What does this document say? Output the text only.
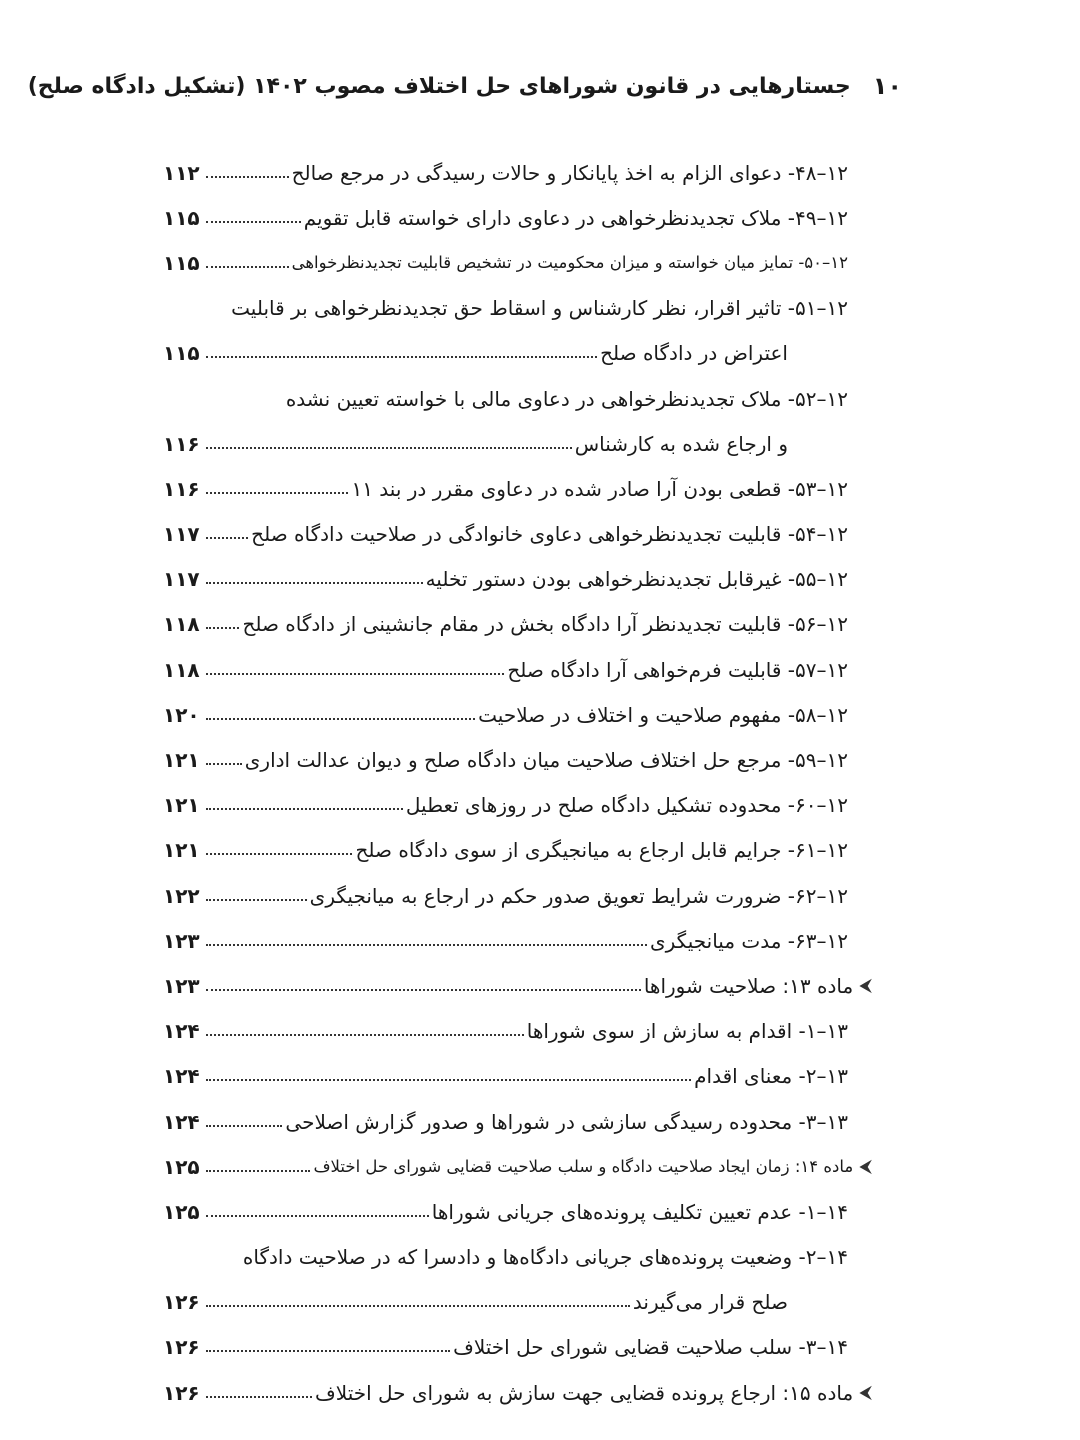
۱۰
جستارهایی در قانون شوراهای حل اختلاف مصوب ۱۴۰۲ (تشکیل دادگاه صلح)
۱۲–۴۸- دعوای الزام به اخذ پایانکار و حالات رسیدگی در مرجع صالح
۱۱۲
۱۲–۴۹- ملاک تجدیدنظرخواهی در دعاوی دارای خواسته قابل تقویم
۱۱۵
۱۲–۵۰- تمایز میان خواسته و میزان محکومیت در تشخیص قابلیت تجدیدنظرخواهی
۱۱۵
۱۲–۵۱- تاثیر اقرار، نظر کارشناس و اسقاط حق تجدیدنظرخواهی بر قابلیت
اعتراض در دادگاه صلح
۱۱۵
۱۲–۵۲- ملاک تجدیدنظرخواهی در دعاوی مالی با خواسته تعیین نشده
و ارجاع شده به کارشناس
۱۱۶
۱۲–۵۳- قطعی بودن آرا صادر شده در دعاوی مقرر در بند ۱۱
۱۱۶
۱۲–۵۴- قابلیت تجدیدنظرخواهی دعاوی خانوادگی در صلاحیت دادگاه صلح
۱۱۷
۱۲–۵۵- غیرقابل تجدیدنظرخواهی بودن دستور تخلیه
۱۱۷
۱۲–۵۶- قابلیت تجدیدنظر آرا دادگاه بخش در مقام جانشینی از دادگاه صلح
۱۱۸
۱۲–۵۷- قابلیت فرم‌خواهی آرا دادگاه صلح
۱۱۸
۱۲–۵۸- مفهوم صلاحیت و اختلاف در صلاحیت
۱۲۰
۱۲–۵۹- مرجع حل اختلاف صلاحیت میان دادگاه صلح و دیوان عدالت اداری
۱۲۱
۱۲–۶۰- محدوده تشکیل دادگاه صلح در روزهای تعطیل
۱۲۱
۱۲–۶۱- جرایم قابل ارجاع به میانجیگری از سوی دادگاه صلح
۱۲۱
۱۲–۶۲- ضرورت شرایط تعویق صدور حکم در ارجاع به میانجیگری
۱۲۲
۱۲–۶۳- مدت میانجیگری
۱۲۳
⮜
ماده ۱۳: صلاحیت شوراها
۱۲۳
۱۳–۱- اقدام به سازش از سوی شوراها
۱۲۴
۱۳–۲- معنای اقدام
۱۲۴
۱۳–۳- محدوده رسیدگی سازشی در شوراها و صدور گزارش اصلاحی
۱۲۴
⮜
ماده ۱۴: زمان ایجاد صلاحیت دادگاه و سلب صلاحیت قضایی شورای حل اختلاف
۱۲۵
۱۴–۱- عدم تعیین تکلیف پرونده‌های جریانی شوراها
۱۲۵
۱۴–۲- وضعیت پرونده‌های جریانی دادگاه‌ها و دادسرا که در صلاحیت دادگاه
صلح قرار می‌گیرند
۱۲۶
۱۴–۳- سلب صلاحیت قضایی شورای حل اختلاف
۱۲۶
⮜
ماده ۱۵: ارجاع پرونده قضایی جهت سازش به شورای حل اختلاف
۱۲۶
